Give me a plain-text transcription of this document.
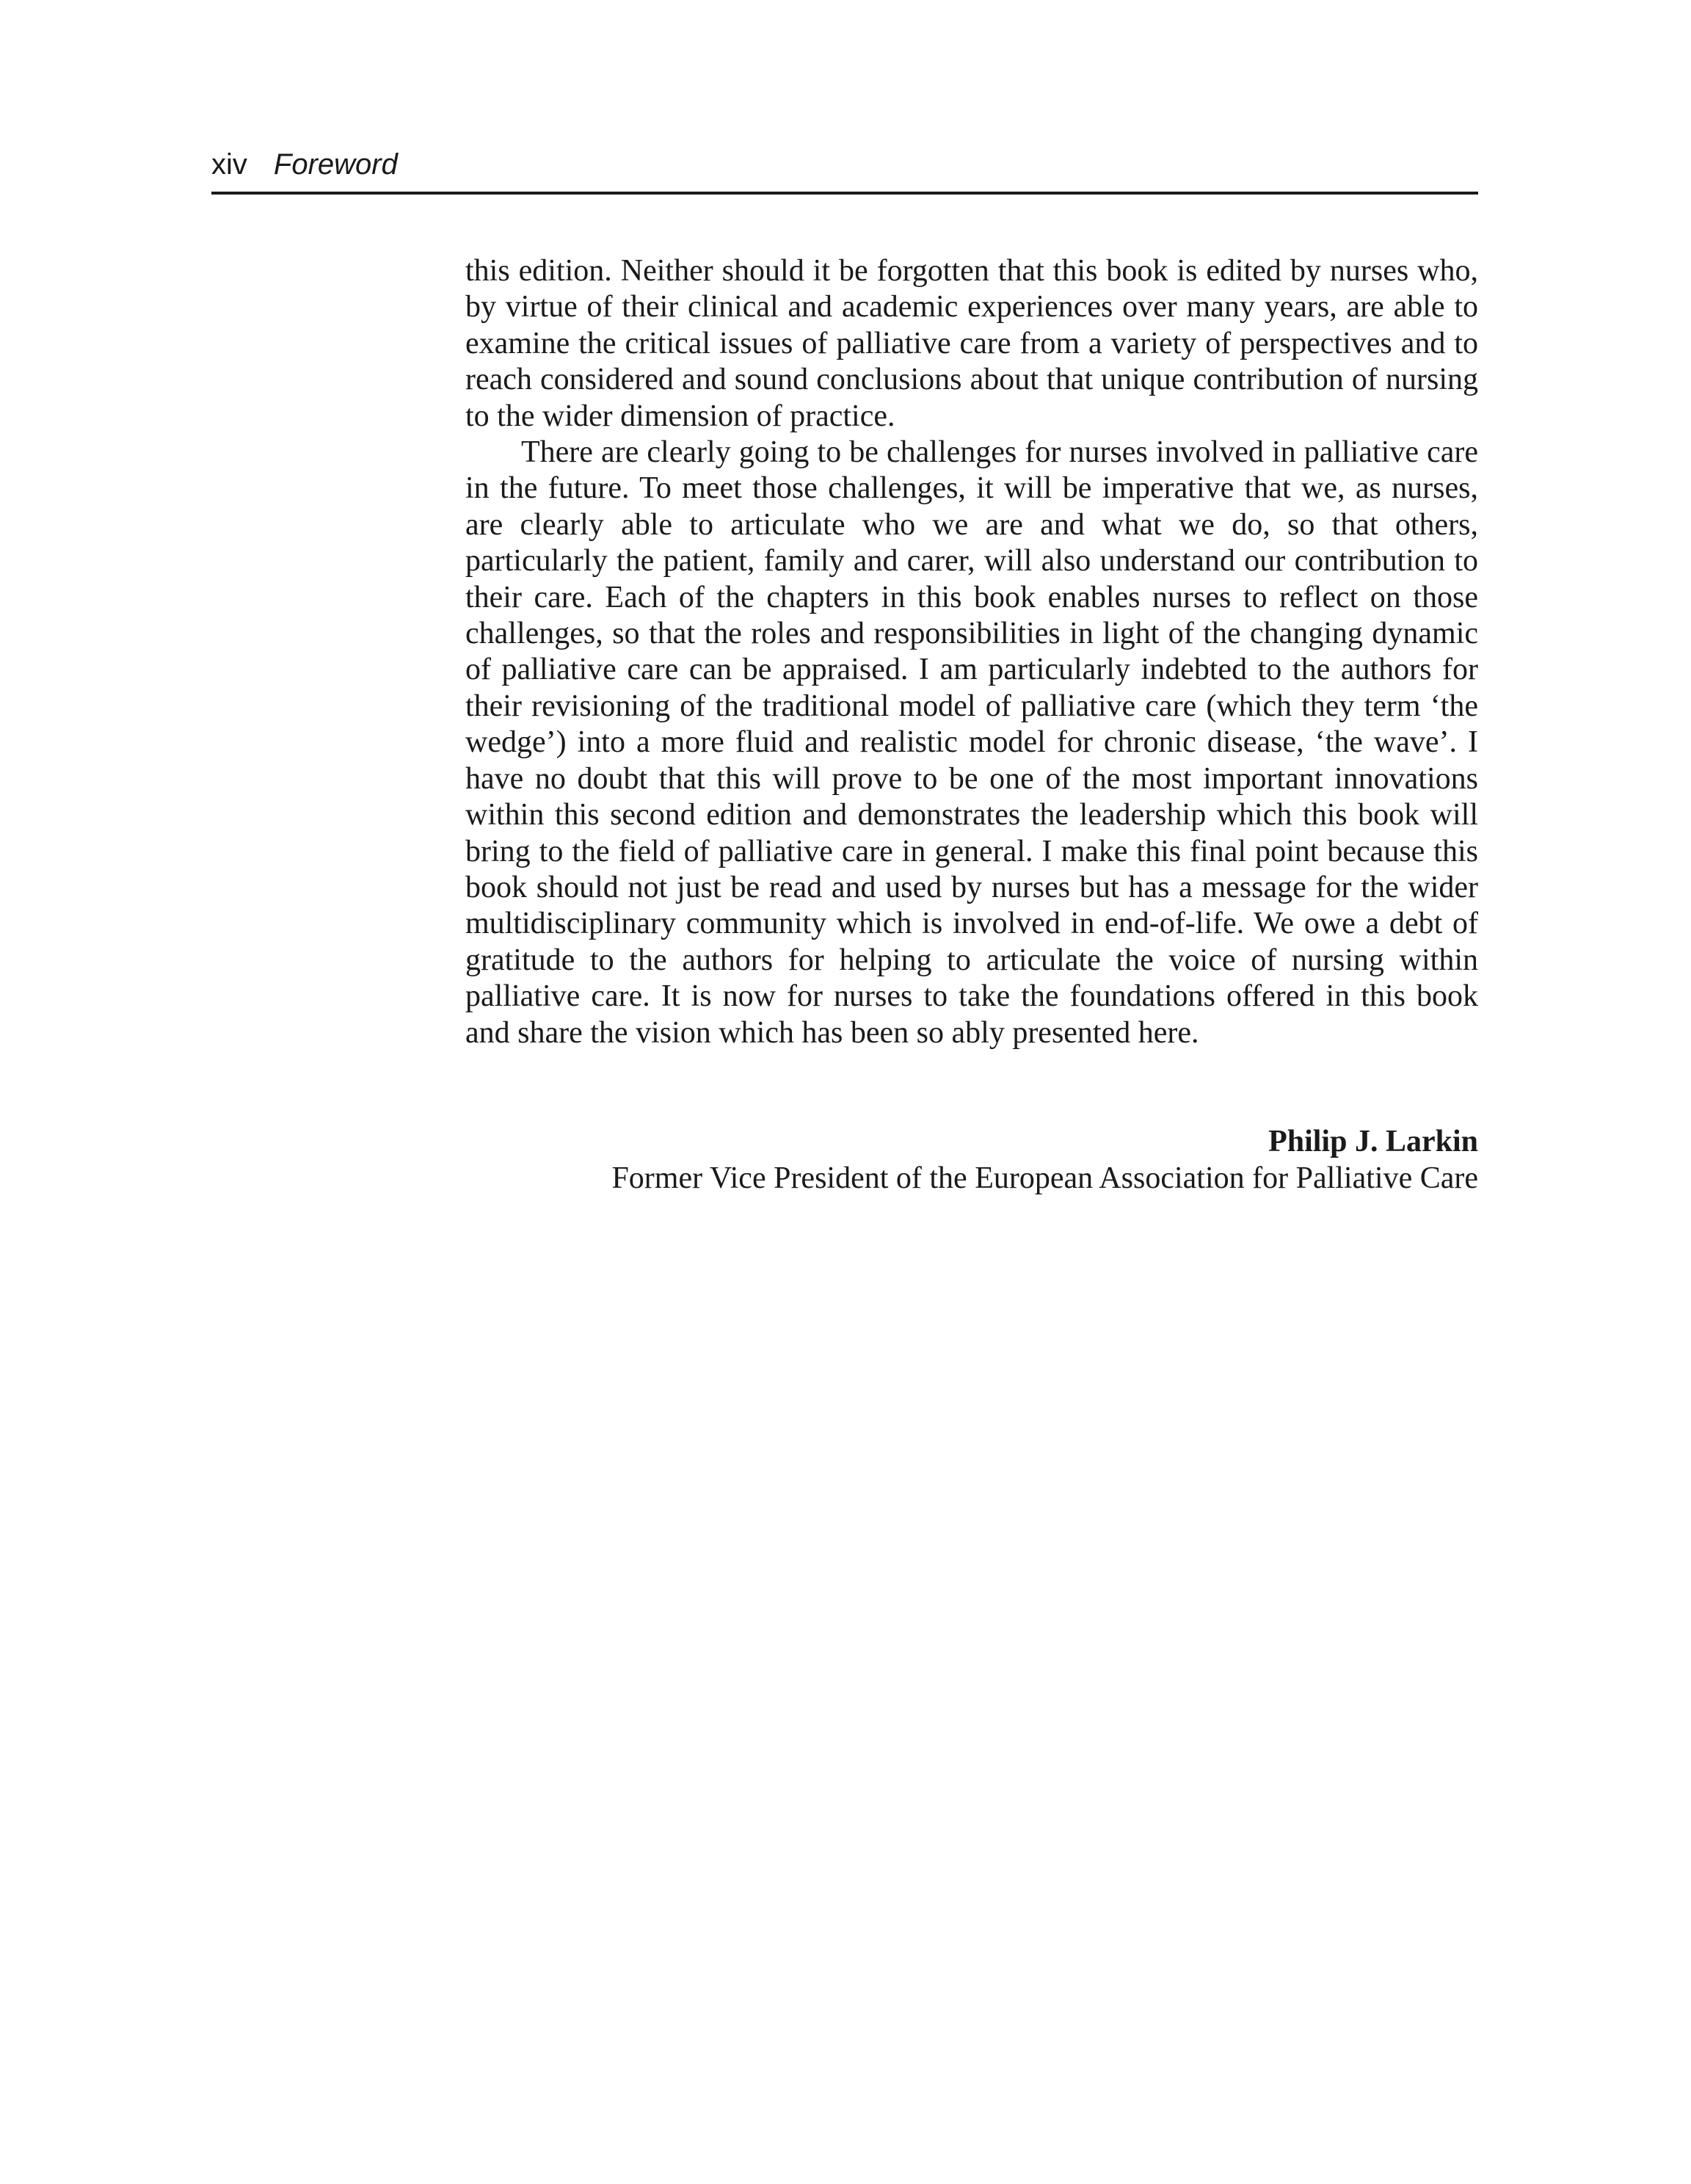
xiv Foreword

this edition. Neither should it be forgotten that this book is edited by nurses who, by virtue of their clinical and academic experiences over many years, are able to examine the critical issues of palliative care from a variety of perspectives and to reach considered and sound conclusions about that unique contribution of nursing to the wider dimension of practice.

There are clearly going to be challenges for nurses involved in palliative care in the future. To meet those challenges, it will be imperative that we, as nurses, are clearly able to articulate who we are and what we do, so that others, particularly the patient, family and carer, will also understand our contribution to their care. Each of the chapters in this book enables nurses to reflect on those challenges, so that the roles and responsibilities in light of the changing dynamic of palliative care can be appraised. I am particularly indebted to the authors for their revisioning of the traditional model of palliative care (which they term ‘the wedge’) into a more fluid and realistic model for chronic disease, ‘the wave’. I have no doubt that this will prove to be one of the most important innovations within this second edition and demonstrates the leadership which this book will bring to the field of palliative care in general. I make this final point because this book should not just be read and used by nurses but has a message for the wider multidisciplinary community which is involved in end-of-life. We owe a debt of gratitude to the authors for helping to articulate the voice of nursing within palliative care. It is now for nurses to take the foundations offered in this book and share the vision which has been so ably presented here.

Philip J. Larkin
Former Vice President of the European Association for Palliative Care
